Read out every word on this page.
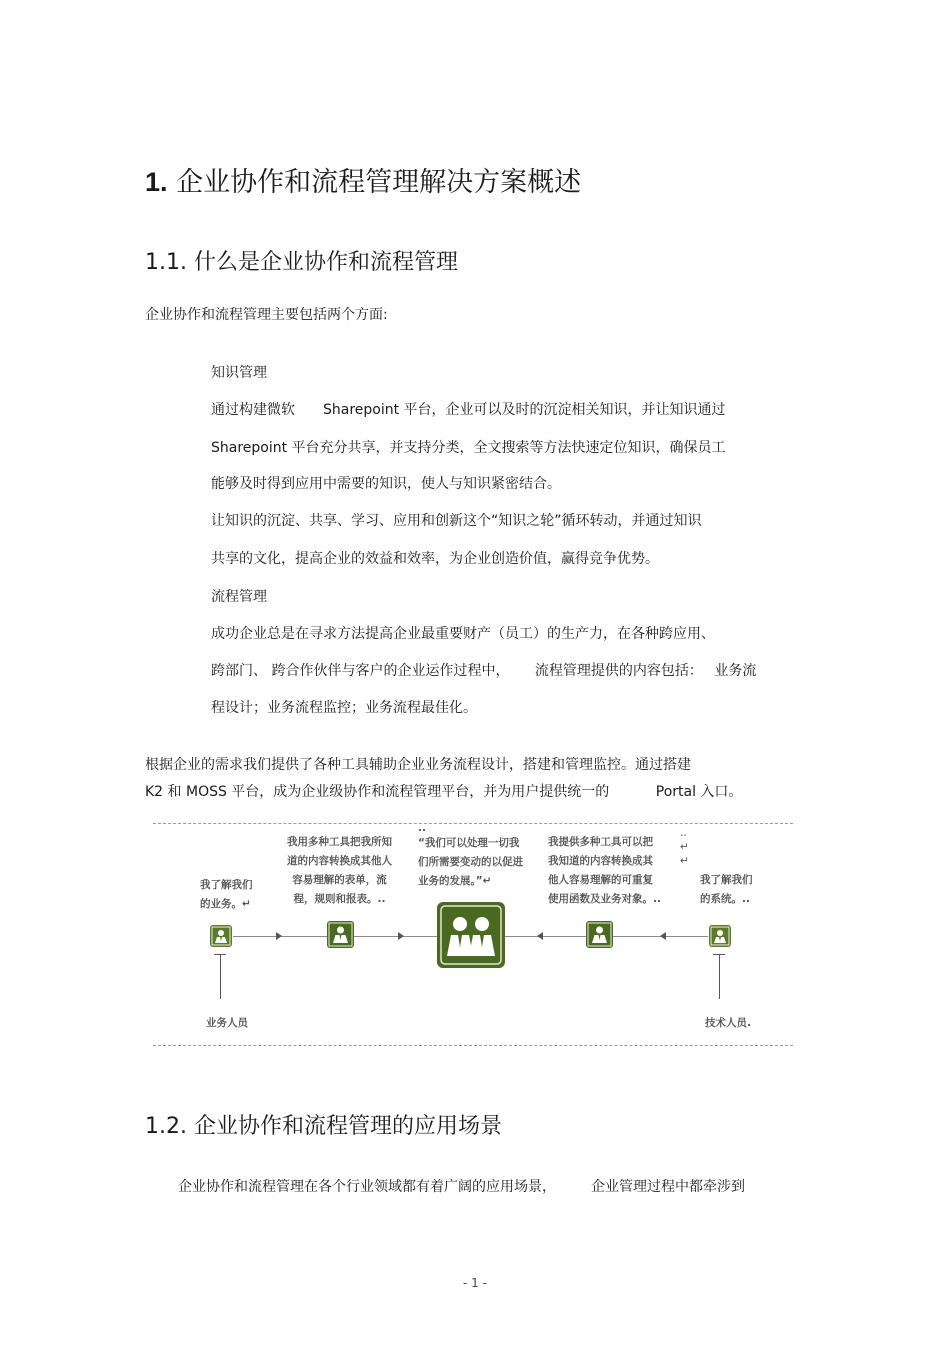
1. 企业协作和流程管理解决方案概述
1.1. 什么是企业协作和流程管理
企业协作和流程管理主要包括两个方面:
知识管理
通过构建微软　　Sharepoint 平台，企业可以及时的沉淀相关知识，并让知识通过
Sharepoint 平台充分共享，并支持分类，全文搜索等方法快速定位知识，确保员工
能够及时得到应用中需要的知识，使人与知识紧密结合。
让知识的沉淀、共享、学习、应用和创新这个“知识之轮”循环转动，并通过知识
共享的文化，提高企业的效益和效率，为企业创造价值，赢得竞争优势。
流程管理
成功企业总是在寻求方法提高企业最重要财产（员工）的生产力，在各种跨应用、
跨部门、 跨合作伙伴与客户的企业运作过程中，　　 流程管理提供的内容包括：　 业务流
程设计；业务流程监控；业务流程最佳化。
根据企业的需求我们提供了各种工具辅助企业业务流程设计，搭建和管理监控。通过搭建
K2 和 MOSS 平台，成为企业级协作和流程管理平台，并为用户提供统一的　　　 Portal 入口。
我了解我们
的业务。↵
我用多种工具把我所知
道的内容转换成其他人
容易理解的表单，流
程，规则和报表。..
..
“我们可以处理一切我
们所需要变动的以促进
业务的发展。”↵
我提供多种工具可以把
我知道的内容转换成其
他人容易理解的可重复
使用函数及业务对象。..
..
↵
↵
我了解我们
的系统。..
业务人员	技术人员.
1.2. 企业协作和流程管理的应用场景
企业协作和流程管理在各个行业领域都有着广阔的应用场景，　　　企业管理过程中都牵涉到
- 1 -
